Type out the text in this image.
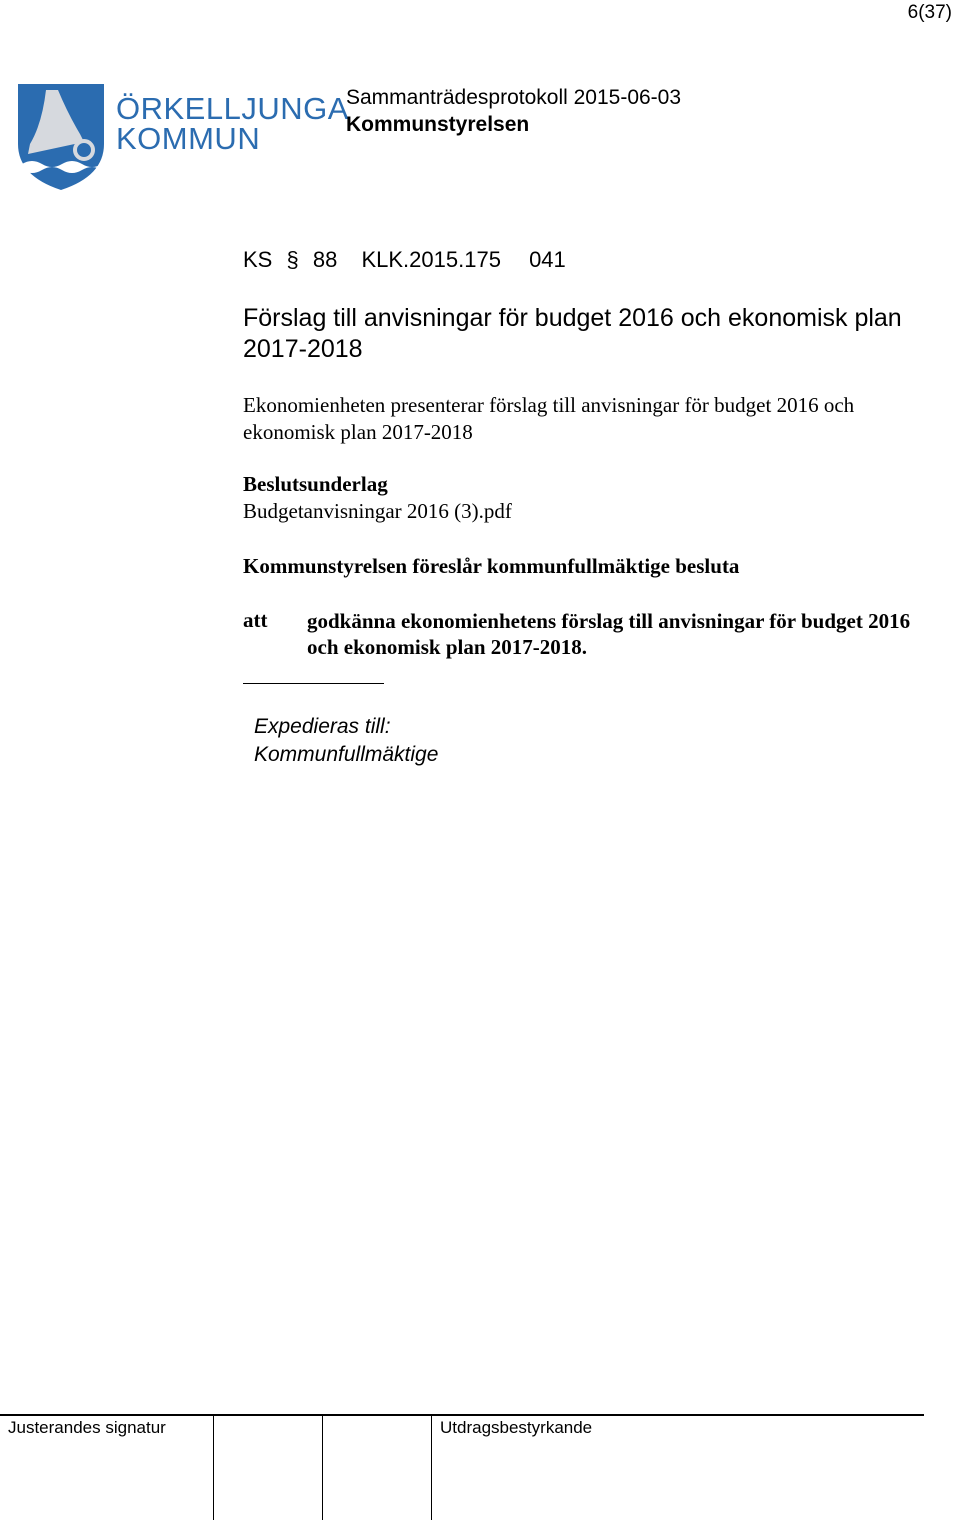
6(37)
ÖRKELLJUNGA
KOMMUN
Sammanträdesprotokoll 2015-06-03
Kommunstyrelsen
KS § 88 KLK.2015.175 041
Förslag till anvisningar för budget 2016 och ekonomisk plan 2017-2018

Ekonomienheten presenterar förslag till anvisningar för budget 2016 och ekonomisk plan 2017-2018

Beslutsunderlag
Budgetanvisningar 2016 (3).pdf
Kommunstyrelsen föreslår kommunfullmäktige besluta
att godkänna ekonomienhetens förslag till anvisningar för budget 2016 och ekonomisk plan 2017-2018.

Expedieras till:
Kommunfullmäktige
Justerandes signatur	Utdragsbestyrkande
